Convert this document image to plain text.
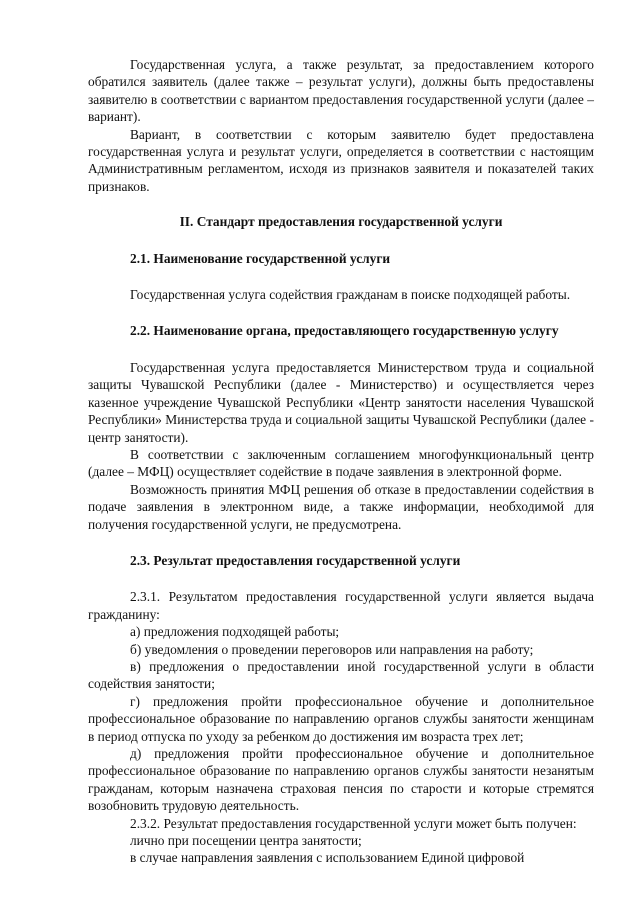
Государственная услуга, а также результат, за предоставлением которого обратился заявитель (далее также – результат услуги), должны быть предоставлены заявителю в соответствии с вариантом предоставления государственной услуги (далее – вариант).

Вариант, в соответствии с которым заявителю будет предоставлена государственная услуга и результат услуги, определяется в соответствии с настоящим Административным регламентом, исходя из признаков заявителя и показателей таких признаков.

II. Стандарт предоставления государственной услуги

2.1. Наименование государственной услуги

Государственная услуга содействия гражданам в поиске подходящей работы.

2.2. Наименование органа, предоставляющего государственную услугу

Государственная услуга предоставляется Министерством труда и социальной защиты Чувашской Республики (далее - Министерство) и осуществляется через казенное учреждение Чувашской Республики «Центр занятости населения Чувашской Республики» Министерства труда и социальной защиты Чувашской Республики (далее - центр занятости).

В соответствии с заключенным соглашением многофункциональный центр (далее – МФЦ) осуществляет содействие в подаче заявления в электронной форме.

Возможность принятия МФЦ решения об отказе в предоставлении содействия в подаче заявления в электронном виде, а также информации, необходимой для получения государственной услуги, не предусмотрена.

2.3. Результат предоставления государственной услуги

2.3.1. Результатом предоставления государственной услуги является выдача гражданину:

а) предложения подходящей работы;

б) уведомления о проведении переговоров или направления на работу;

в) предложения о предоставлении иной государственной услуги в области содействия занятости;

г) предложения пройти профессиональное обучение и дополнительное профессиональное образование по направлению органов службы занятости женщинам в период отпуска по уходу за ребенком до достижения им возраста трех лет;

д) предложения пройти профессиональное обучение и дополнительное профессиональное образование по направлению органов службы занятости незанятым гражданам, которым назначена страховая пенсия по старости и которые стремятся возобновить трудовую деятельность.

2.3.2. Результат предоставления государственной услуги может быть получен:

лично при посещении центра занятости;

в случае направления заявления с использованием Единой цифровой
